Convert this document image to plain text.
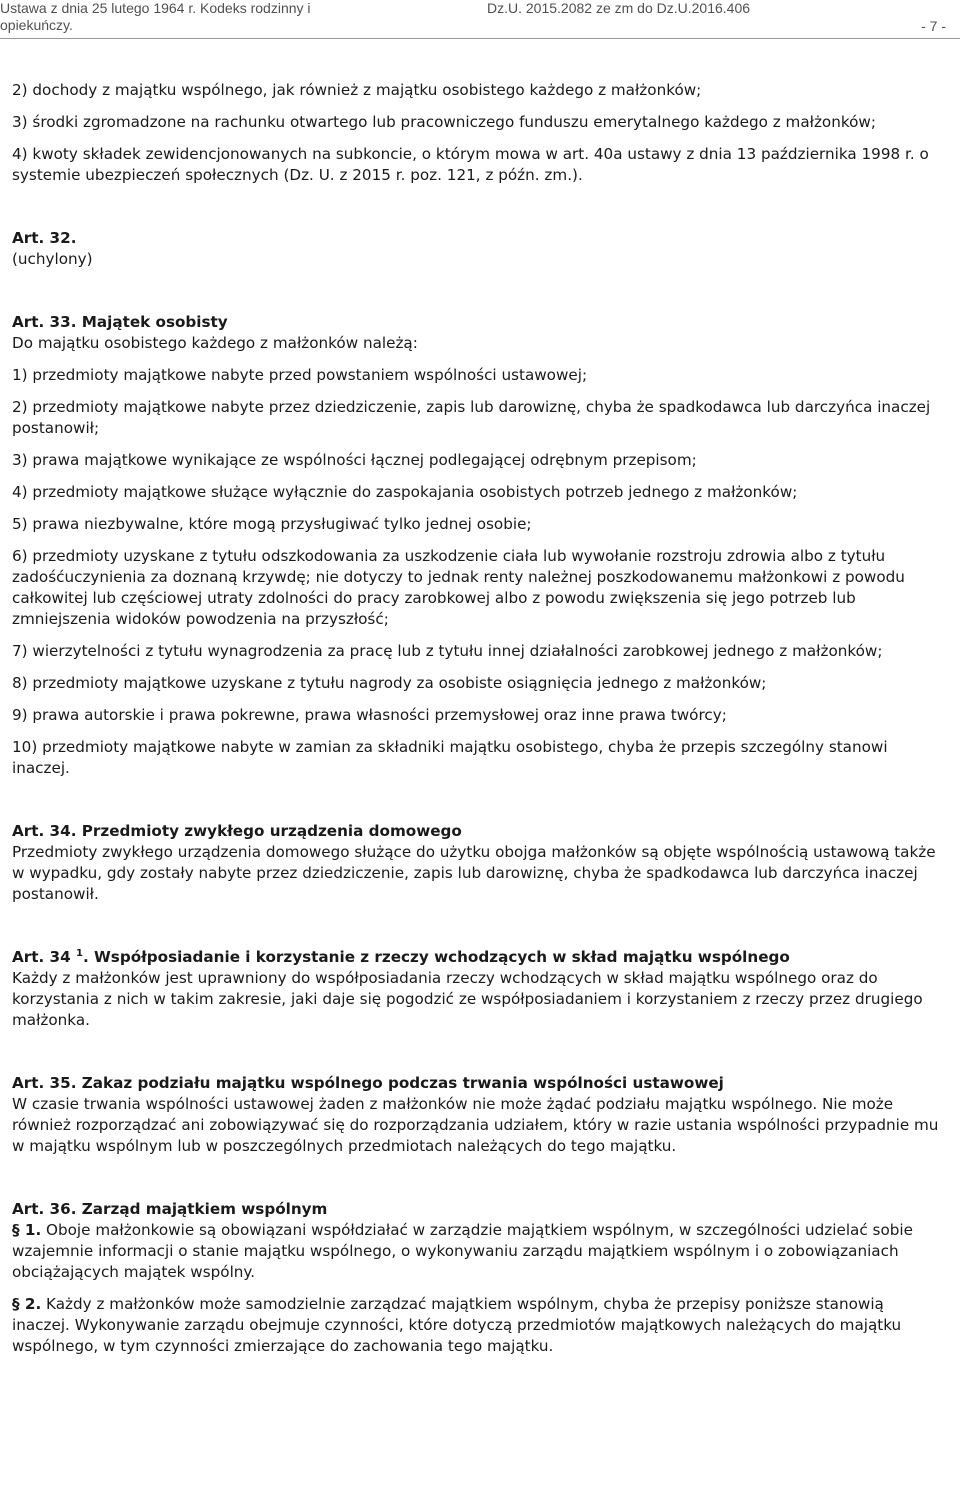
Ustawa z dnia 25 lutego 1964 r. Kodeks rodzinny i
opiekuńczy.
Dz.U. 2015.2082 ze zm do Dz.U.2016.406
- 7 -

2) dochody z majątku wspólnego, jak również z majątku osobistego każdego z małżonków;

3) środki zgromadzone na rachunku otwartego lub pracowniczego funduszu emerytalnego każdego z małżonków;

4) kwoty składek zewidencjonowanych na subkoncie, o którym mowa w art. 40a ustawy z dnia 13 października 1998 r. o systemie ubezpieczeń społecznych (Dz. U. z 2015 r. poz. 121, z późn. zm.).

Art. 32.

(uchylony)

Art. 33. Majątek osobisty

Do majątku osobistego każdego z małżonków należą:

1) przedmioty majątkowe nabyte przed powstaniem wspólności ustawowej;

2) przedmioty majątkowe nabyte przez dziedziczenie, zapis lub darowiznę, chyba że spadkodawca lub darczyńca inaczej postanowił;

3) prawa majątkowe wynikające ze wspólności łącznej podlegającej odrębnym przepisom;

4) przedmioty majątkowe służące wyłącznie do zaspokajania osobistych potrzeb jednego z małżonków;

5) prawa niezbywalne, które mogą przysługiwać tylko jednej osobie;

6) przedmioty uzyskane z tytułu odszkodowania za uszkodzenie ciała lub wywołanie rozstroju zdrowia albo z tytułu zadośćuczynienia za doznaną krzywdę; nie dotyczy to jednak renty należnej poszkodowanemu małżonkowi z powodu całkowitej lub częściowej utraty zdolności do pracy zarobkowej albo z powodu zwiększenia się jego potrzeb lub zmniejszenia widoków powodzenia na przyszłość;

7) wierzytelności z tytułu wynagrodzenia za pracę lub z tytułu innej działalności zarobkowej jednego z małżonków;

8) przedmioty majątkowe uzyskane z tytułu nagrody za osobiste osiągnięcia jednego z małżonków;

9) prawa autorskie i prawa pokrewne, prawa własności przemysłowej oraz inne prawa twórcy;

10) przedmioty majątkowe nabyte w zamian za składniki majątku osobistego, chyba że przepis szczególny stanowi inaczej.

Art. 34. Przedmioty zwykłego urządzenia domowego

Przedmioty zwykłego urządzenia domowego służące do użytku obojga małżonków są objęte wspólnością ustawową także w wypadku, gdy zostały nabyte przez dziedziczenie, zapis lub darowiznę, chyba że spadkodawca lub darczyńca inaczej postanowił.

Art. 34 $^1$. Współposiadanie i korzystanie z rzeczy wchodzących w skład majątku wspólnego

Każdy z małżonków jest uprawniony do współposiadania rzeczy wchodzących w skład majątku wspólnego oraz do korzystania z nich w takim zakresie, jaki daje się pogodzić ze współposiadaniem i korzystaniem z rzeczy przez drugiego małżonka.

Art. 35. Zakaz podziału majątku wspólnego podczas trwania wspólności ustawowej

W czasie trwania wspólności ustawowej żaden z małżonków nie może żądać podziału majątku wspólnego. Nie może również rozporządzać ani zobowiązywać się do rozporządzania udziałem, który w razie ustania wspólności przypadnie mu w majątku wspólnym lub w poszczególnych przedmiotach należących do tego majątku.

Art. 36. Zarząd majątkiem wspólnym

§ 1. Oboje małżonkowie są obowiązani współdziałać w zarządzie majątkiem wspólnym, w szczególności udzielać sobie wzajemnie informacji o stanie majątku wspólnego, o wykonywaniu zarządu majątkiem wspólnym i o zobowiązaniach obciążających majątek wspólny.

§ 2. Każdy z małżonków może samodzielnie zarządzać majątkiem wspólnym, chyba że przepisy poniższe stanowią inaczej. Wykonywanie zarządu obejmuje czynności, które dotyczą przedmiotów majątkowych należących do majątku wspólnego, w tym czynności zmierzające do zachowania tego majątku.
